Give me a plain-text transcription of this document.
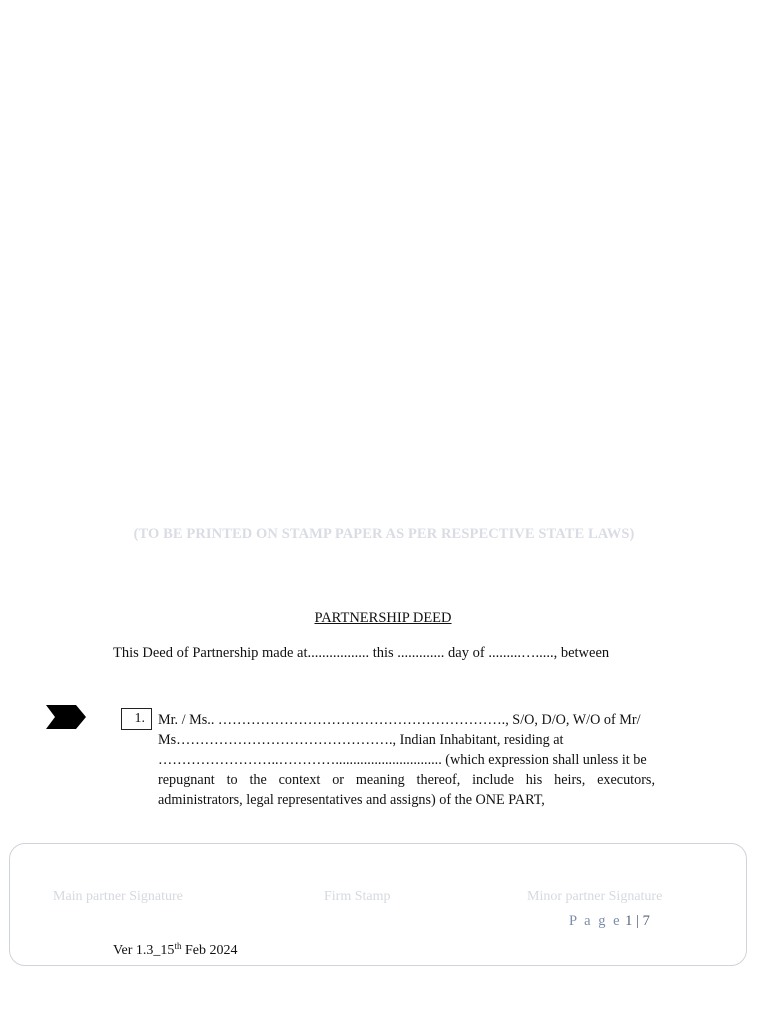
(TO BE PRINTED ON STAMP PAPER AS PER RESPECTIVE STATE LAWS)
PARTNERSHIP DEED
This Deed of Partnership made at................. this ............. day of .........…....., between
1. Mr. / Ms.. ……………………………………………………., S/O, D/O, W/O of Mr/
Ms………………………………………., Indian Inhabitant, residing at
……………………..………….............................. (which expression shall unless it be
repugnant to the context or meaning thereof, include his heirs, executors,
administrators, legal representatives and assigns) of the ONE PART,
Main partner Signature	Firm Stamp	Minor partner Signature
P a g e 1 | 7
Ver 1.3_15th Feb 2024
